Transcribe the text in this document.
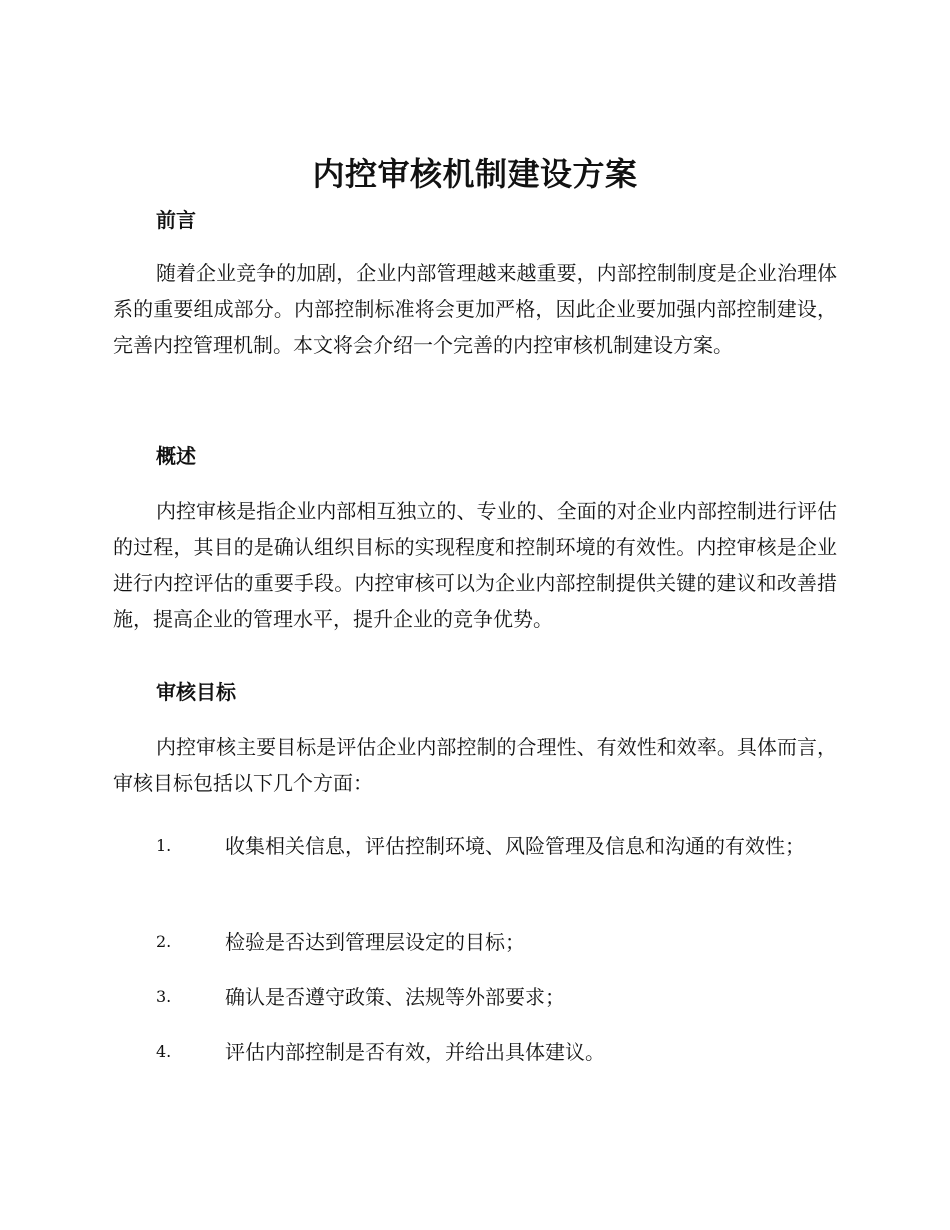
内控审核机制建设方案
前言

随着企业竞争的加剧，企业内部管理越来越重要，内部控制制度是企业治理体系的重要组成部分。内部控制标准将会更加严格，因此企业要加强内部控制建设，完善内控管理机制。本文将会介绍一个完善的内控审核机制建设方案。

概述

内控审核是指企业内部相互独立的、专业的、全面的对企业内部控制进行评估的过程，其目的是确认组织目标的实现程度和控制环境的有效性。内控审核是企业进行内控评估的重要手段。内控审核可以为企业内部控制提供关键的建议和改善措施，提高企业的管理水平，提升企业的竞争优势。

审核目标

内控审核主要目标是评估企业内部控制的合理性、有效性和效率。具体而言，审核目标包括以下几个方面：

1.	收集相关信息，评估控制环境、风险管理及信息和沟通的有效性；
2.	检验是否达到管理层设定的目标；
3.	确认是否遵守政策、法规等外部要求；
4.	评估内部控制是否有效，并给出具体建议。
